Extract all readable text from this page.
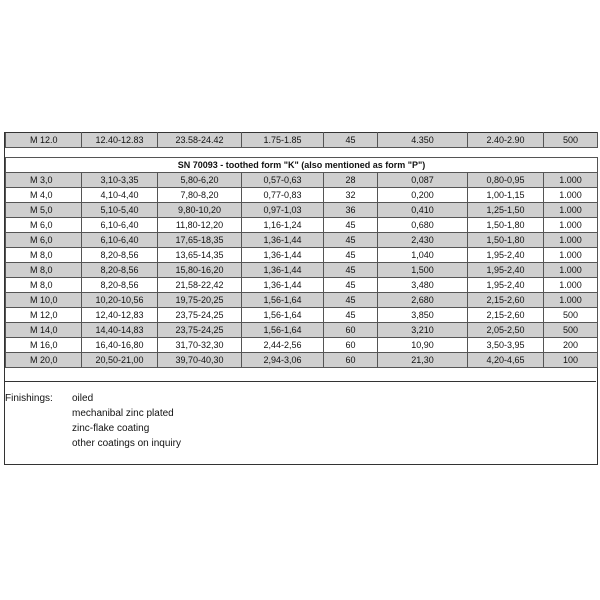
M 12.0	12.40-12.83	23.58-24.42	1.75-1.85	45	4.350	2.40-2.90	500

SN 70093 - toothed form "K" (also mentioned as form "P")							
M 3,0	3,10-3,35	5,80-6,20	0,57-0,63	28	0,087	0,80-0,95	1.000
M 4,0	4,10-4,40	7,80-8,20	0,77-0,83	32	0,200	1,00-1,15	1.000
M 5,0	5,10-5,40	9,80-10,20	0,97-1,03	36	0,410	1,25-1,50	1.000
M 6,0	6,10-6,40	11,80-12,20	1,16-1,24	45	0,680	1,50-1,80	1.000
M 6,0	6,10-6,40	17,65-18,35	1,36-1,44	45	2,430	1,50-1,80	1.000
M 8,0	8,20-8,56	13,65-14,35	1,36-1,44	45	1,040	1,95-2,40	1.000
M 8,0	8,20-8,56	15,80-16,20	1,36-1,44	45	1,500	1,95-2,40	1.000
M 8,0	8,20-8,56	21,58-22,42	1,36-1,44	45	3,480	1,95-2,40	1.000
M 10,0	10,20-10,56	19,75-20,25	1,56-1,64	45	2,680	2,15-2,60	1.000
M 12,0	12,40-12,83	23,75-24,25	1,56-1,64	45	3,850	2,15-2,60	500
M 14,0	14,40-14,83	23,75-24,25	1,56-1,64	60	3,210	2,05-2,50	500
M 16,0	16,40-16,80	31,70-32,30	2,44-2,56	60	10,90	3,50-3,95	200
M 20,0	20,50-21,00	39,70-40,30	2,94-3,06	60	21,30	4,20-4,65	100
Finishings: oiled
mechanibal zinc plated
zinc-flake coating
other coatings on inquiry
